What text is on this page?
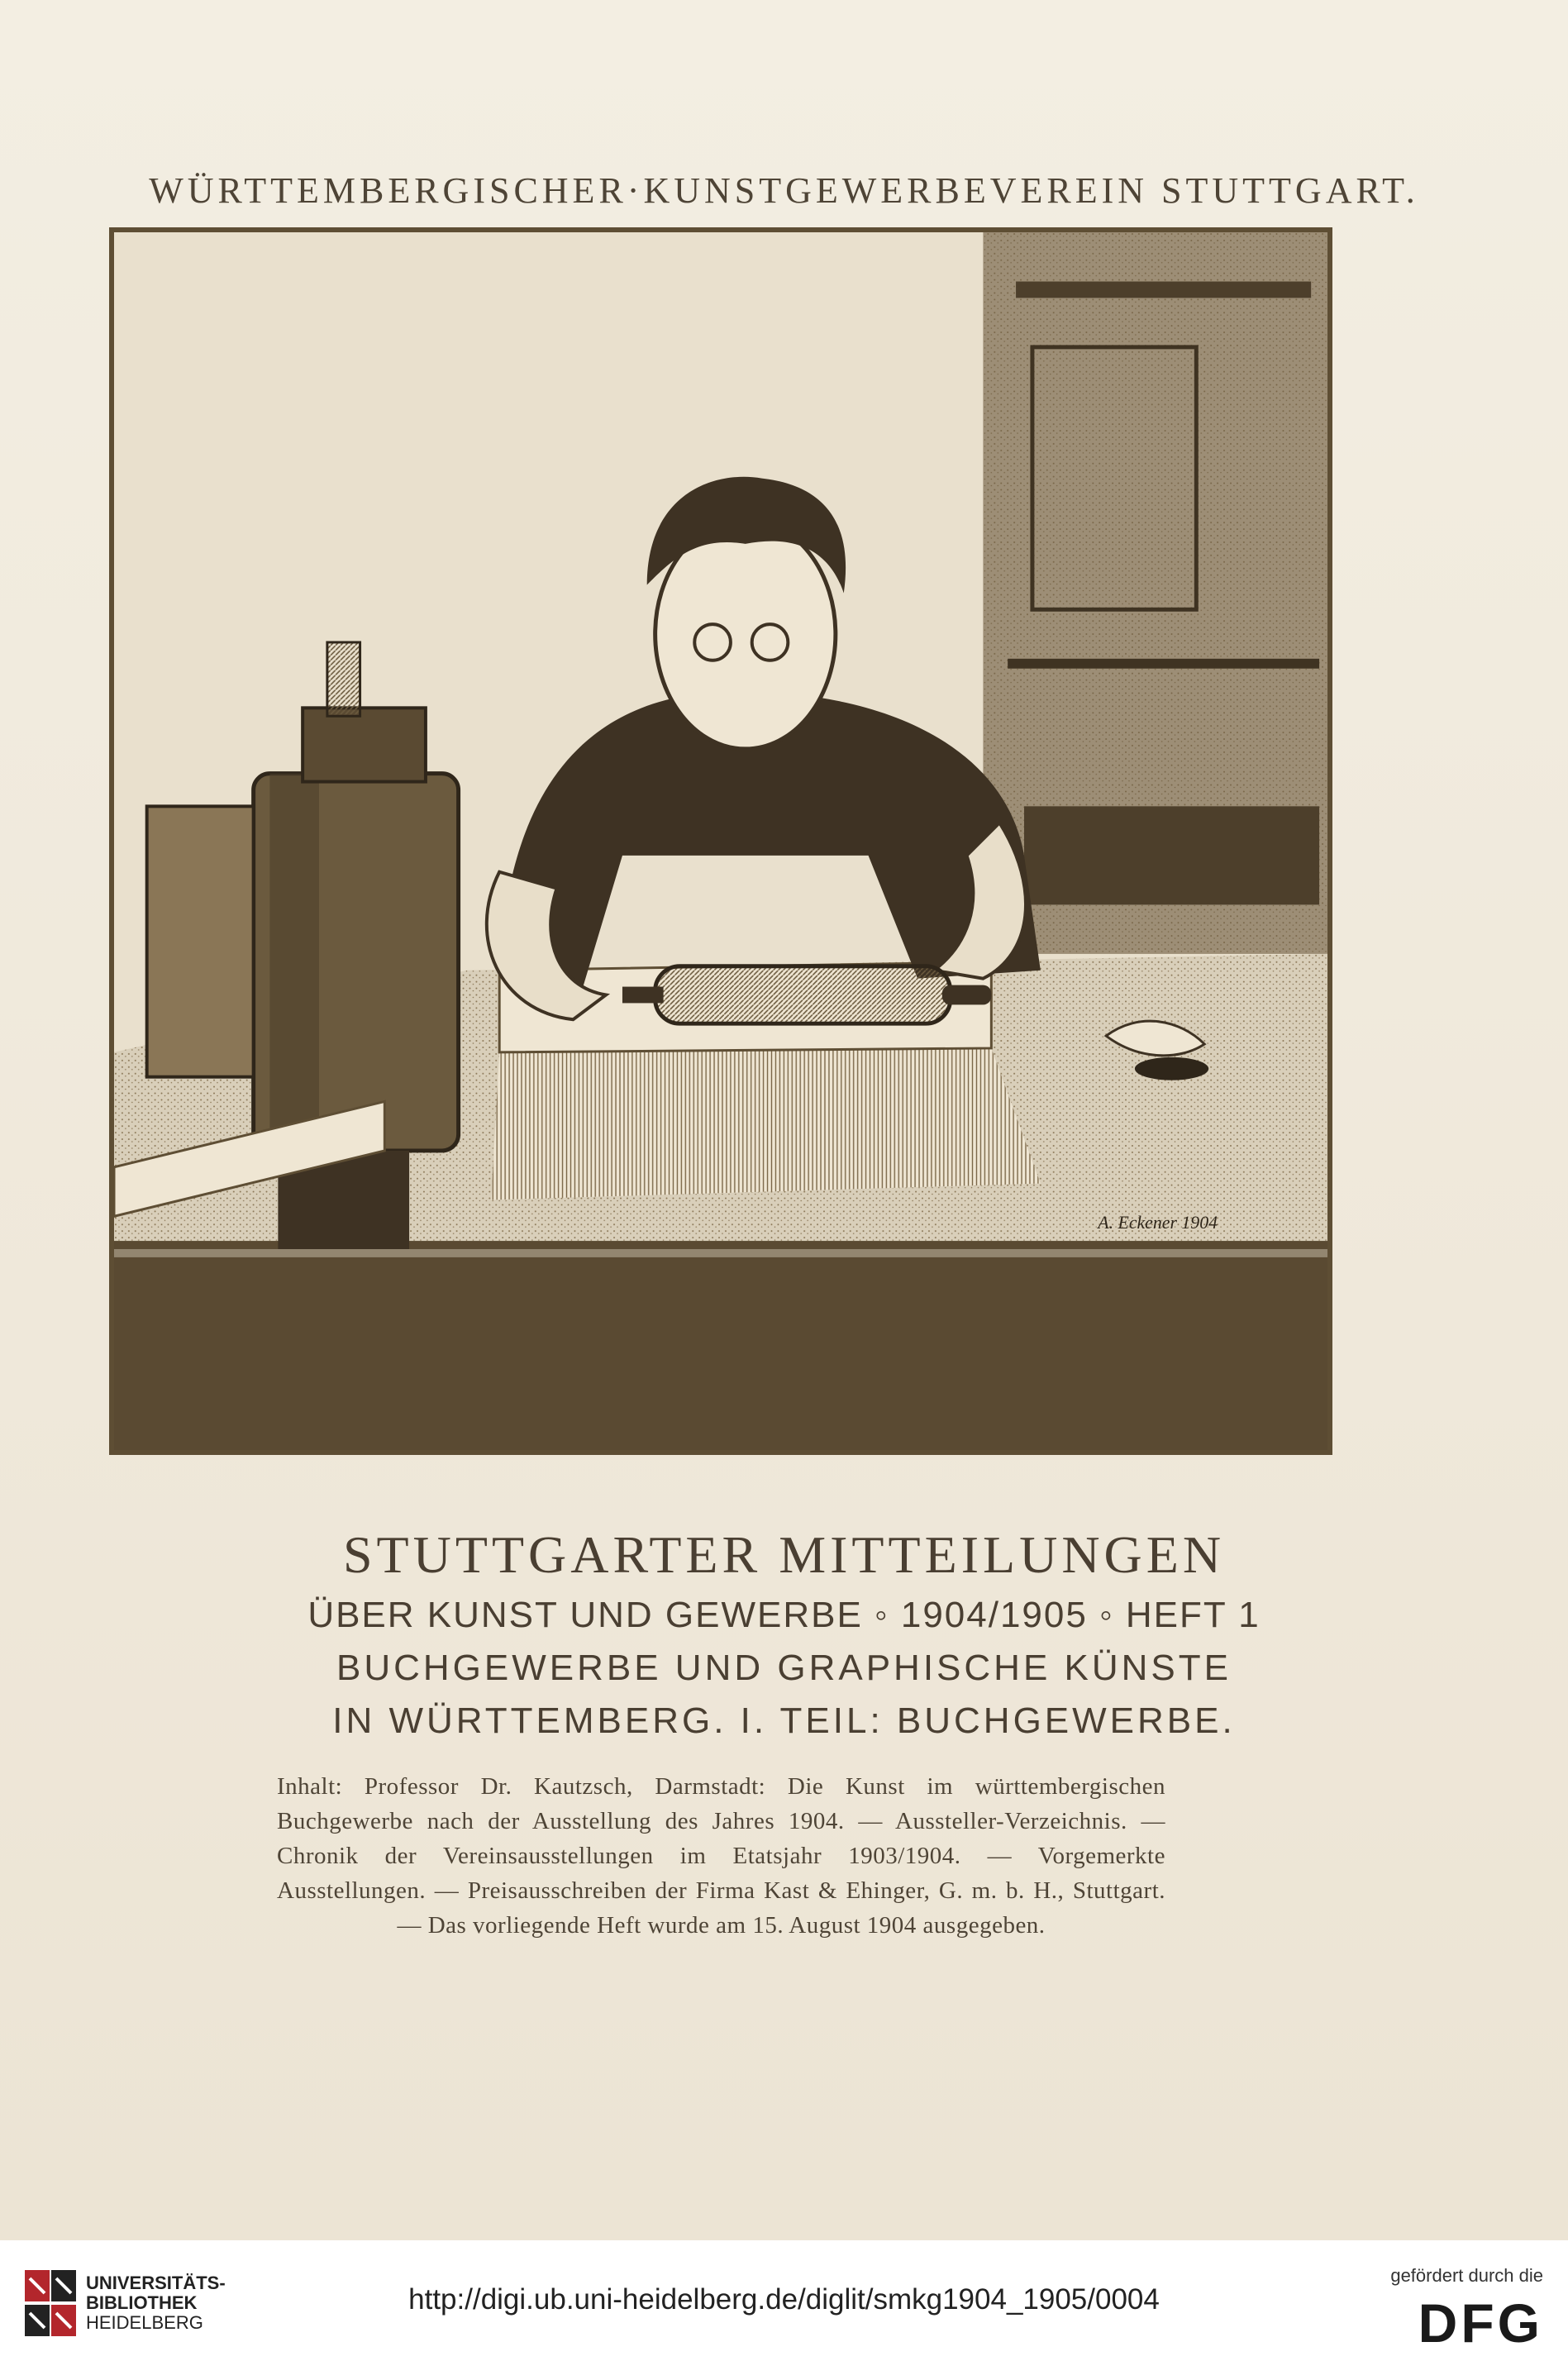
WÜRTTEMBERGISCHER·KUNSTGEWERBEVEREIN STUTTGART.
A. Eckener 1904
STUTTGARTER MITTEILUNGEN
ÜBER KUNST UND GEWERBE ◦ 1904/1905 ◦ HEFT 1
BUCHGEWERBE UND GRAPHISCHE KÜNSTE
IN WÜRTTEMBERG. I. TEIL: BUCHGEWERBE.
Inhalt: Professor Dr. Kautzsch, Darmstadt: Die Kunst im württembergischen Buchgewerbe nach der Ausstellung des Jahres 1904. — Aussteller-Verzeichnis. — Chronik der Vereinsausstellungen im Etatsjahr 1903/1904. — Vorgemerkte Ausstellungen. — Preisausschreiben der Firma Kast & Ehinger, G. m. b. H., Stuttgart. — Das vorliegende Heft wurde am 15. August 1904 ausgegeben.
UNIVERSITÄTS-
BIBLIOTHEK
HEIDELBERG
http://digi.ub.uni-heidelberg.de/diglit/smkg1904_1905/0004
gefördert durch die
DFG
